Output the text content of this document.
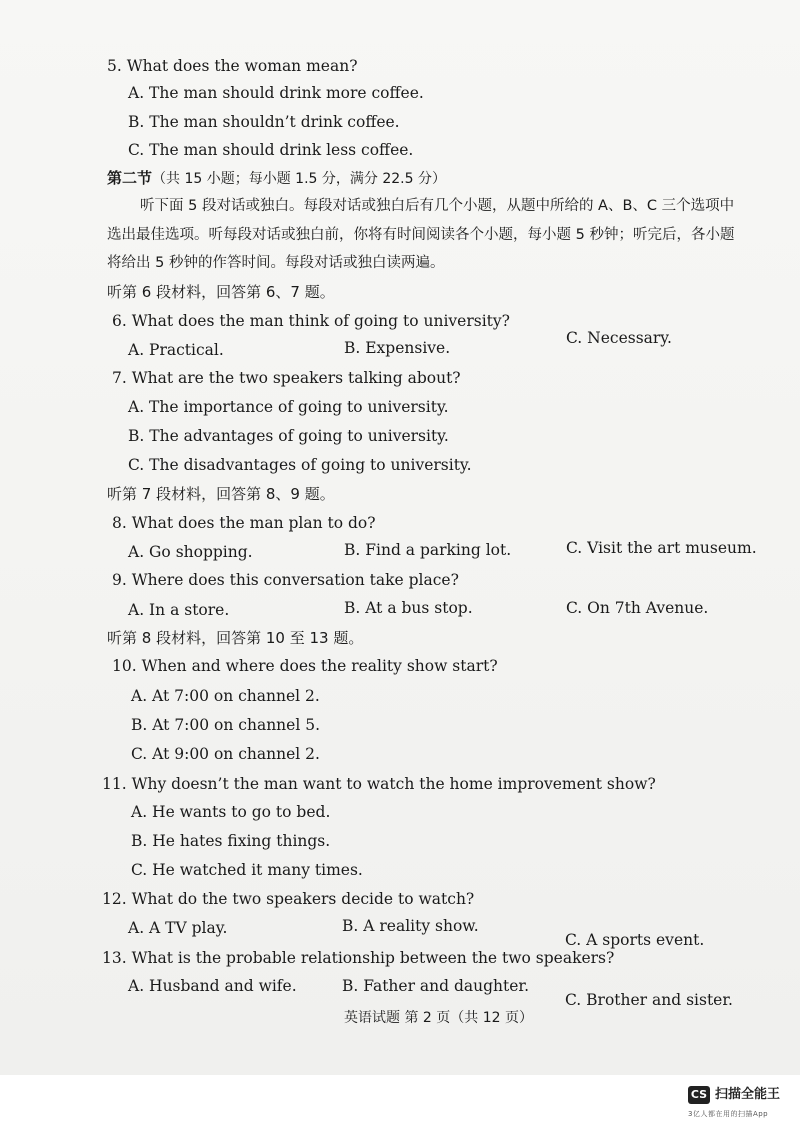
5. What does the woman mean?
A. The man should drink more coffee.
B. The man shouldn’t drink coffee.
C. The man should drink less coffee.
第二节（共 15 小题；每小题 1.5 分，满分 22.5 分）
听下面 5 段对话或独白。每段对话或独白后有几个小题，从题中所给的 A、B、C 三个选项中
选出最佳选项。听每段对话或独白前，你将有时间阅读各个小题，每小题 5 秒钟；听完后，各小题
将给出 5 秒钟的作答时间。每段对话或独白读两遍。
听第 6 段材料，回答第 6、7 题。
6. What does the man think of going to university?
A. Practical.	B. Expensive.
C. Necessary.
7. What are the two speakers talking about?
A. The importance of going to university.
B. The advantages of going to university.
C. The disadvantages of going to university.
听第 7 段材料，回答第 8、9 题。
8. What does the man plan to do?
A. Go shopping.	B. Find a parking lot.	C. Visit the art museum.
9. Where does this conversation take place?
A. In a store.	B. At a bus stop.	C. On 7th Avenue.
听第 8 段材料，回答第 10 至 13 题。
10. When and where does the reality show start?
A. At 7:00 on channel 2.
B. At 7:00 on channel 5.
C. At 9:00 on channel 2.
11. Why doesn’t the man want to watch the home improvement show?
A. He wants to go to bed.
B. He hates fixing things.
C. He watched it many times.
12. What do the two speakers decide to watch?
A. A TV play.	B. A reality show.
C. A sports event.
13. What is the probable relationship between the two speakers?
A. Husband and wife.	B. Father and daughter.
C. Brother and sister.
英语试题 第 2 页（共 12 页）
CS 扫描全能王
3亿人都在用的扫描App
